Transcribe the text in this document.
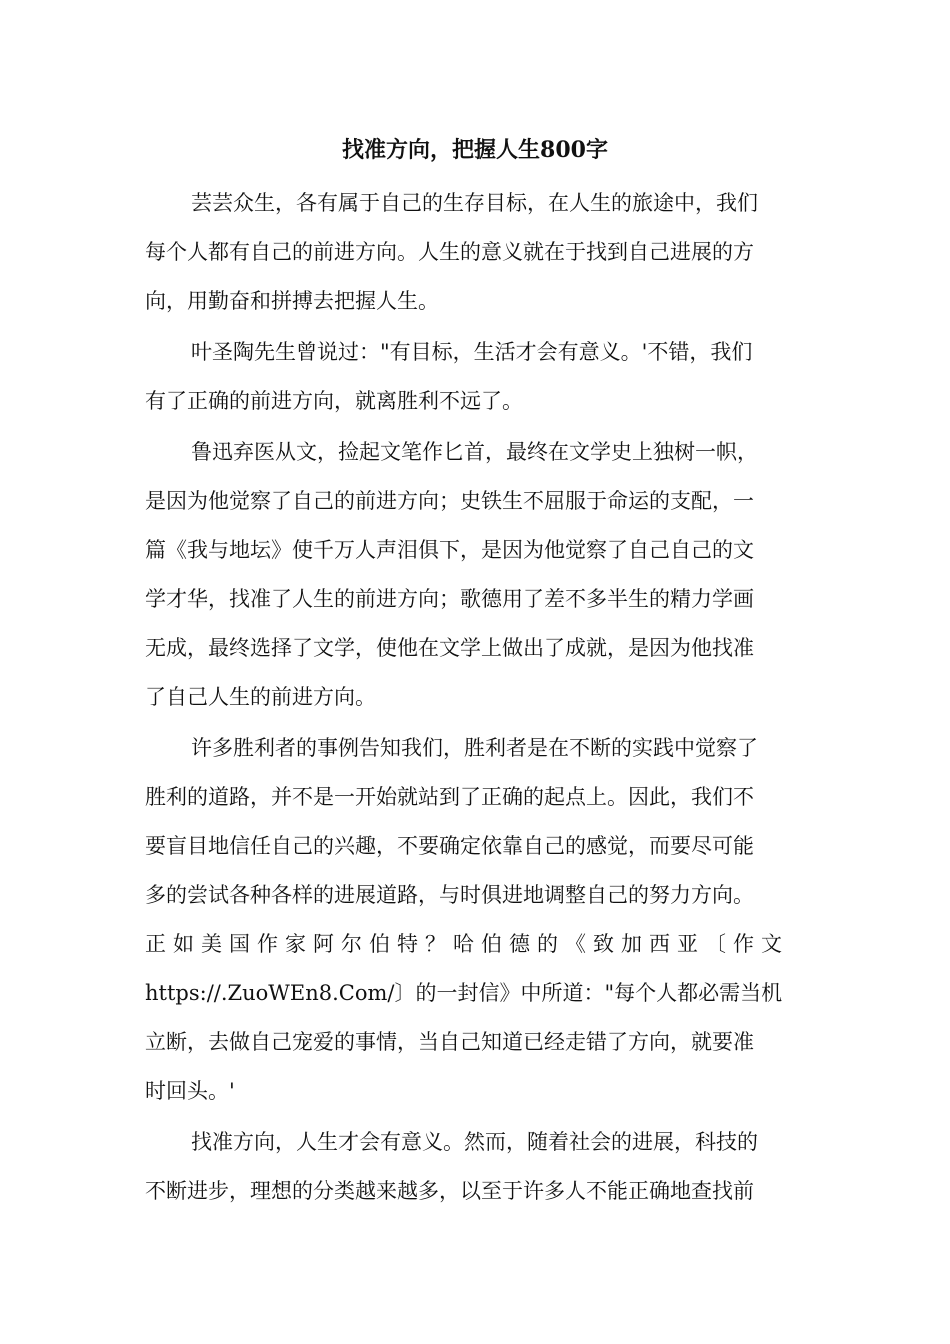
找准方向，把握人生800字
芸芸众生，各有属于自己的生存目标，在人生的旅途中，我们
每个人都有自己的前进方向。人生的意义就在于找到自己进展的方
向，用勤奋和拼搏去把握人生。
叶圣陶先生曾说过："有目标，生活才会有意义。'不错，我们
有了正确的前进方向，就离胜利不远了。
鲁迅弃医从文，捡起文笔作匕首，最终在文学史上独树一帜，
是因为他觉察了自己的前进方向；史铁生不屈服于命运的支配，一
篇《我与地坛》使千万人声泪俱下，是因为他觉察了自己自己的文
学才华，找准了人生的前进方向；歌德用了差不多半生的精力学画
无成，最终选择了文学，使他在文学上做出了成就，是因为他找准
了自己人生的前进方向。
许多胜利者的事例告知我们，胜利者是在不断的实践中觉察了
胜利的道路，并不是一开始就站到了正确的起点上。因此，我们不
要盲目地信任自己的兴趣，不要确定依靠自己的感觉，而要尽可能
多的尝试各种各样的进展道路，与时俱进地调整自己的努力方向。
正如美国作家阿尔伯特？哈伯德的《致加西亚〔作文
https://.ZuoWEn8.Com/〕的一封信》中所道："每个人都必需当机
立断，去做自己宠爱的事情，当自己知道已经走错了方向，就要准
时回头。'
找准方向，人生才会有意义。然而，随着社会的进展，科技的
不断进步，理想的分类越来越多，以至于许多人不能正确地查找前
